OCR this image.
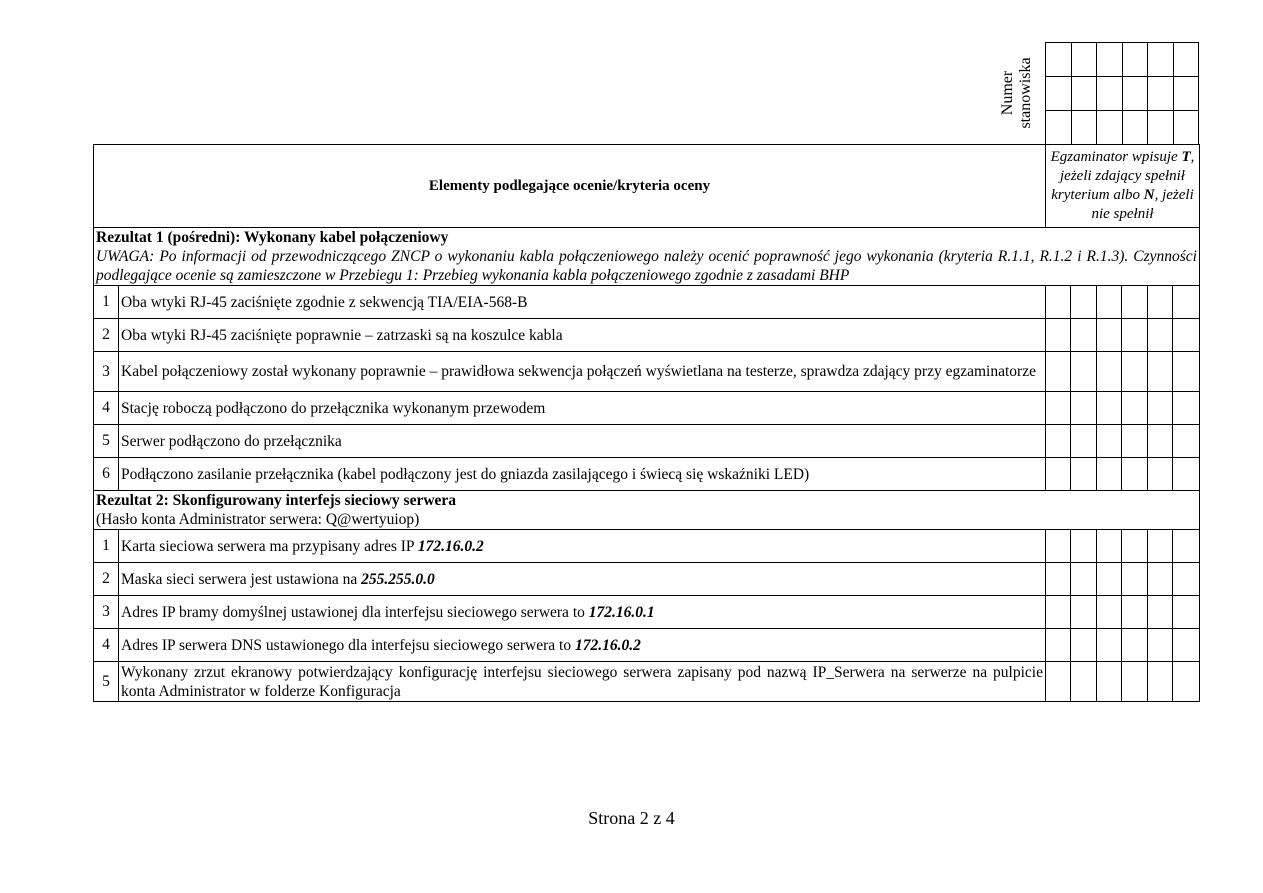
Numer
stanowiska

Elementy podlegające ocenie/kryteria oceny		Egzaminator wpisuje T, jeżeli zdający spełnił kryterium albo N, jeżeli nie spełnił					

Rezultat 1 (pośredni): Wykonany kabel połączeniowy
UWAGA: Po informacji od przewodniczącego ZNCP o wykonaniu kabla połączeniowego należy ocenić poprawność jego wykonania (kryteria R.1.1, R.1.2 i R.1.3). Czynności podlegające ocenie są zamieszczone w Przebiegu 1: Przebieg wykonania kabla połączeniowego zgodnie z zasadami BHP							

1	Oba wtyki RJ-45 zaciśnięte zgodnie z sekwencją TIA/EIA-568-B						
2	Oba wtyki RJ-45 zaciśnięte poprawnie – zatrzaski są na koszulce kabla						
3	Kabel połączeniowy został wykonany poprawnie – prawidłowa sekwencja połączeń wyświetlana na testerze, sprawdza zdający przy egzaminatorze						
4	Stację roboczą podłączono do przełącznika wykonanym przewodem						
5	Serwer podłączono do przełącznika						
6	Podłączono zasilanie przełącznika (kabel podłączony jest do gniazda zasilającego i świecą się wskaźniki LED)						

Rezultat 2: Skonfigurowany interfejs sieciowy serwera
(Hasło konta Administrator serwera: Q@wertyuiop)							

1	Karta sieciowa serwera ma przypisany adres IP 172.16.0.2						
2	Maska sieci serwera jest ustawiona na 255.255.0.0						
3	Adres IP bramy domyślnej ustawionej dla interfejsu sieciowego serwera to 172.16.0.1						
4	Adres IP serwera DNS ustawionego dla interfejsu sieciowego serwera to 172.16.0.2						
5	Wykonany zrzut ekranowy potwierdzający konfigurację interfejsu sieciowego serwera zapisany pod nazwą IP_Serwera na serwerze na pulpicie konta Administrator w folderze Konfiguracja						
Strona 2 z 4
